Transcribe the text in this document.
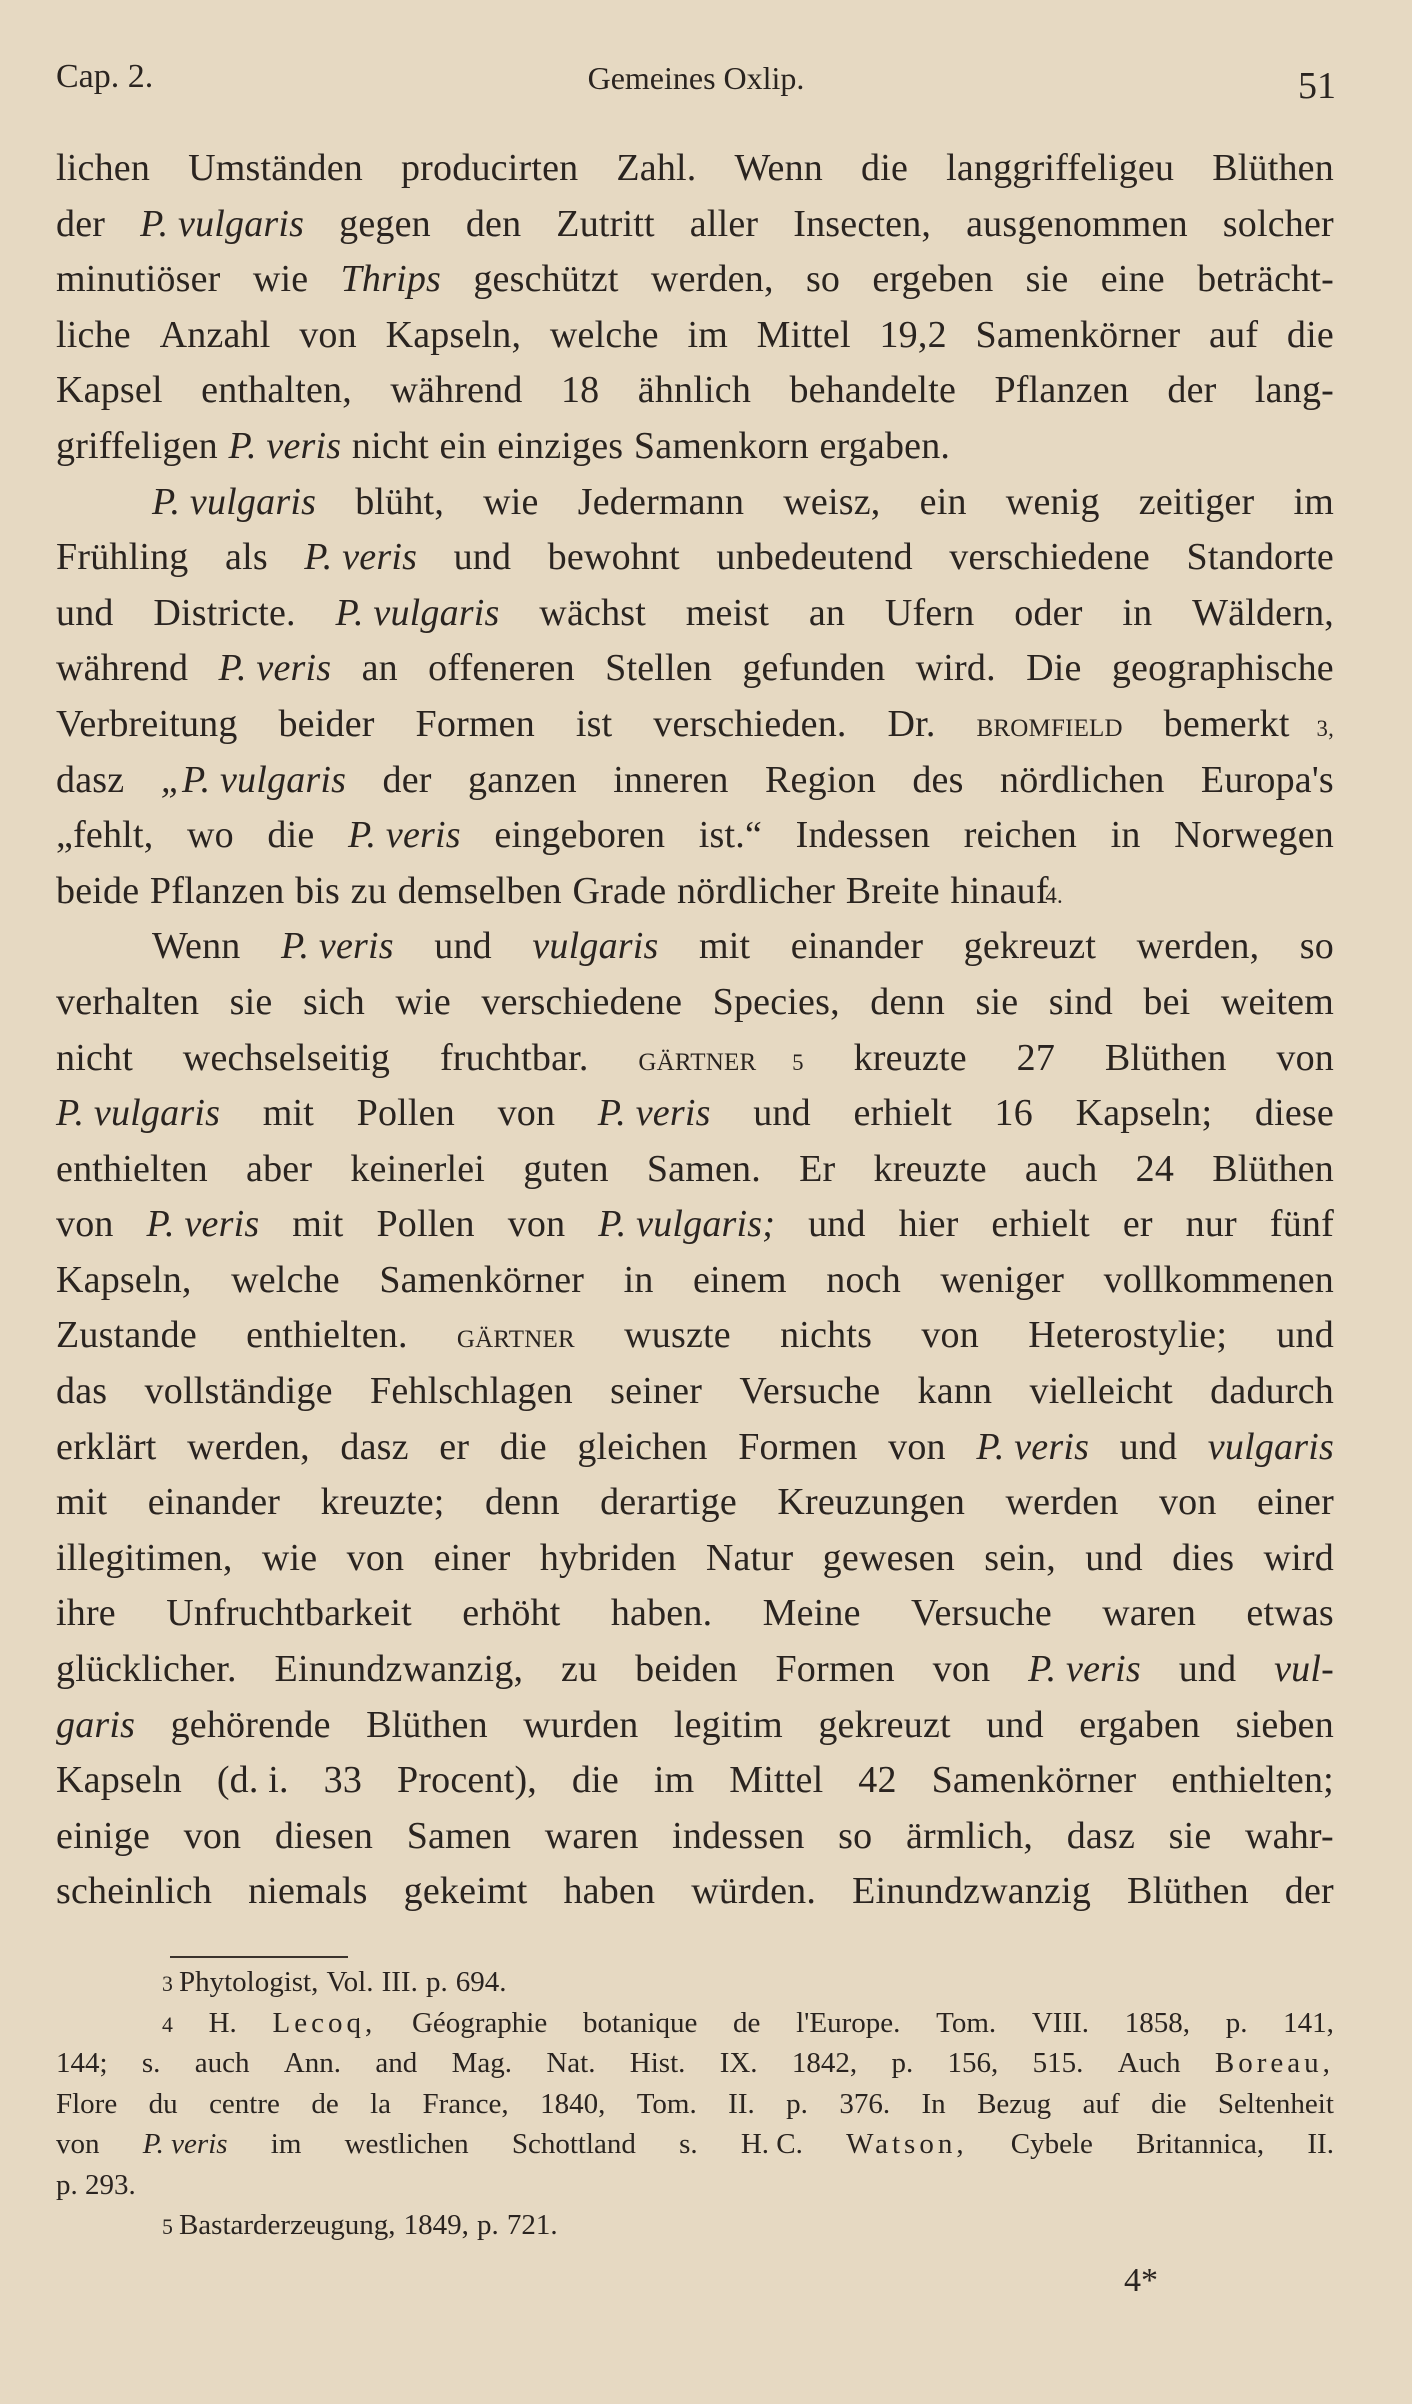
Cap. 2.	Gemeines Oxlip.	51
lichen Umständen producirten Zahl. Wenn die langgriffeligeu Blüthen
der P. vulgaris gegen den Zutritt aller Insecten, ausgenommen solcher
minutiöser wie Thrips geschützt werden, so ergeben sie eine beträcht-
liche Anzahl von Kapseln, welche im Mittel 19,2 Samenkörner auf die
Kapsel enthalten, während 18 ähnlich behandelte Pflanzen der lang-
griffeligen P. veris nicht ein einziges Samenkorn ergaben.
P. vulgaris blüht, wie Jedermann weisz, ein wenig zeitiger im
Frühling als P. veris und bewohnt unbedeutend verschiedene Standorte
und Districte. P. vulgaris wächst meist an Ufern oder in Wäldern,
während P. veris an offeneren Stellen gefunden wird. Die geographische
Verbreitung beider Formen ist verschieden. Dr. bromfield bemerkt 3,
dasz „P. vulgaris der ganzen inneren Region des nördlichen Europa's
„fehlt, wo die P. veris eingeboren ist.“ Indessen reichen in Norwegen
beide Pflanzen bis zu demselben Grade nördlicher Breite hinauf
4.
Wenn P. veris und vulgaris mit einander gekreuzt werden, so
verhalten sie sich wie verschiedene Species, denn sie sind bei weitem
nicht wechselseitig fruchtbar. gärtner 5 kreuzte 27 Blüthen von
P. vulgaris mit Pollen von P. veris und erhielt 16 Kapseln; diese
enthielten aber keinerlei guten Samen. Er kreuzte auch 24 Blüthen
von P. veris mit Pollen von P. vulgaris; und hier erhielt er nur fünf
Kapseln, welche Samenkörner in einem noch weniger vollkommenen
Zustande enthielten. gärtner wuszte nichts von Heterostylie; und
das vollständige Fehlschlagen seiner Versuche kann vielleicht dadurch
erklärt werden, dasz er die gleichen Formen von P. veris und vulgaris
mit einander kreuzte; denn derartige Kreuzungen werden von einer
illegitimen, wie von einer hybriden Natur gewesen sein, und dies wird
ihre Unfruchtbarkeit erhöht haben. Meine Versuche waren etwas
glücklicher. Einundzwanzig, zu beiden Formen von P. veris und vul-
garis gehörende Blüthen wurden legitim gekreuzt und ergaben sieben
Kapseln (d. i. 33 Procent), die im Mittel 42 Samenkörner enthielten;
einige von diesen Samen waren indessen so ärmlich, dasz sie wahr-
scheinlich niemals gekeimt haben würden. Einundzwanzig Blüthen der
3 Phytologist, Vol. III. p. 694.
4 H. Lecoq, Géographie botanique de l'Europe. Tom. VIII. 1858, p. 141,
144; s. auch Ann. and Mag. Nat. Hist. IX. 1842, p. 156, 515. Auch Boreau,
Flore du centre de la France, 1840, Tom. II. p. 376. In Bezug auf die Seltenheit
von P. veris im westlichen Schottland s. H. C. Watson, Cybele Britannica, II.
p. 293.
5 Bastarderzeugung, 1849, p. 721.
4*
